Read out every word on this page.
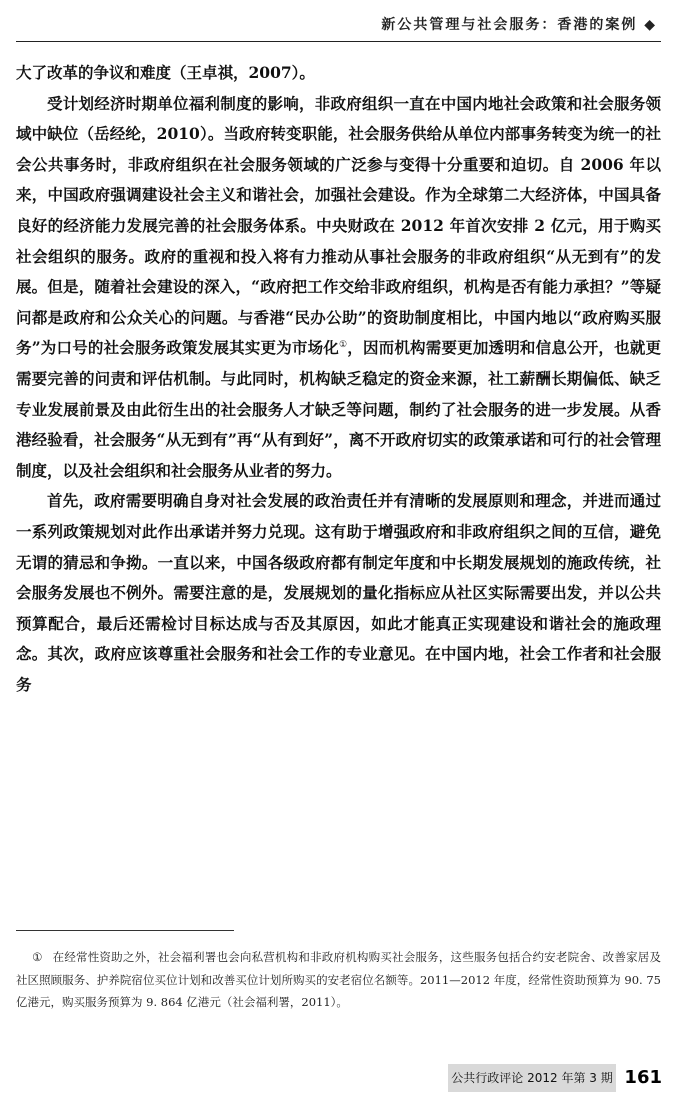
新公共管理与社会服务：香港的案例 ◆

大了改革的争议和难度（王卓祺，2007）。

受计划经济时期单位福利制度的影响，非政府组织一直在中国内地社会政策和社会服务领域中缺位（岳经纶，2010）。当政府转变职能，社会服务供给从单位内部事务转变为统一的社会公共事务时，非政府组织在社会服务领域的广泛参与变得十分重要和迫切。自 2006 年以来，中国政府强调建设社会主义和谐社会，加强社会建设。作为全球第二大经济体，中国具备良好的经济能力发展完善的社会服务体系。中央财政在 2012 年首次安排 2 亿元，用于购买社会组织的服务。政府的重视和投入将有力推动从事社会服务的非政府组织“从无到有”的发展。但是，随着社会建设的深入，“政府把工作交给非政府组织，机构是否有能力承担？”等疑问都是政府和公众关心的问题。与香港“民办公助”的资助制度相比，中国内地以“政府购买服务”为口号的社会服务政策发展其实更为市场化①，因而机构需要更加透明和信息公开，也就更需要完善的问责和评估机制。与此同时，机构缺乏稳定的资金来源，社工薪酬长期偏低、缺乏专业发展前景及由此衍生出的社会服务人才缺乏等问题，制约了社会服务的进一步发展。从香港经验看，社会服务“从无到有”再“从有到好”，离不开政府切实的政策承诺和可行的社会管理制度，以及社会组织和社会服务从业者的努力。

首先，政府需要明确自身对社会发展的政治责任并有清晰的发展原则和理念，并进而通过一系列政策规划对此作出承诺并努力兑现。这有助于增强政府和非政府组织之间的互信，避免无谓的猜忌和争拗。一直以来，中国各级政府都有制定年度和中长期发展规划的施政传统，社会服务发展也不例外。需要注意的是，发展规划的量化指标应从社区实际需要出发，并以公共预算配合，最后还需检讨目标达成与否及其原因，如此才能真正实现建设和谐社会的施政理念。其次，政府应该尊重社会服务和社会工作的专业意见。在中国内地，社会工作者和社会服务

① 在经常性资助之外，社会福利署也会向私营机构和非政府机构购买社会服务，这些服务包括合约安老院舍、改善家居及社区照顾服务、护养院宿位买位计划和改善买位计划所购买的安老宿位名额等。2011—2012 年度，经常性资助预算为 90. 75 亿港元，购买服务预算为 9. 864 亿港元（社会福利署，2011）。
公共行政评论 2012 年第 3 期 161
